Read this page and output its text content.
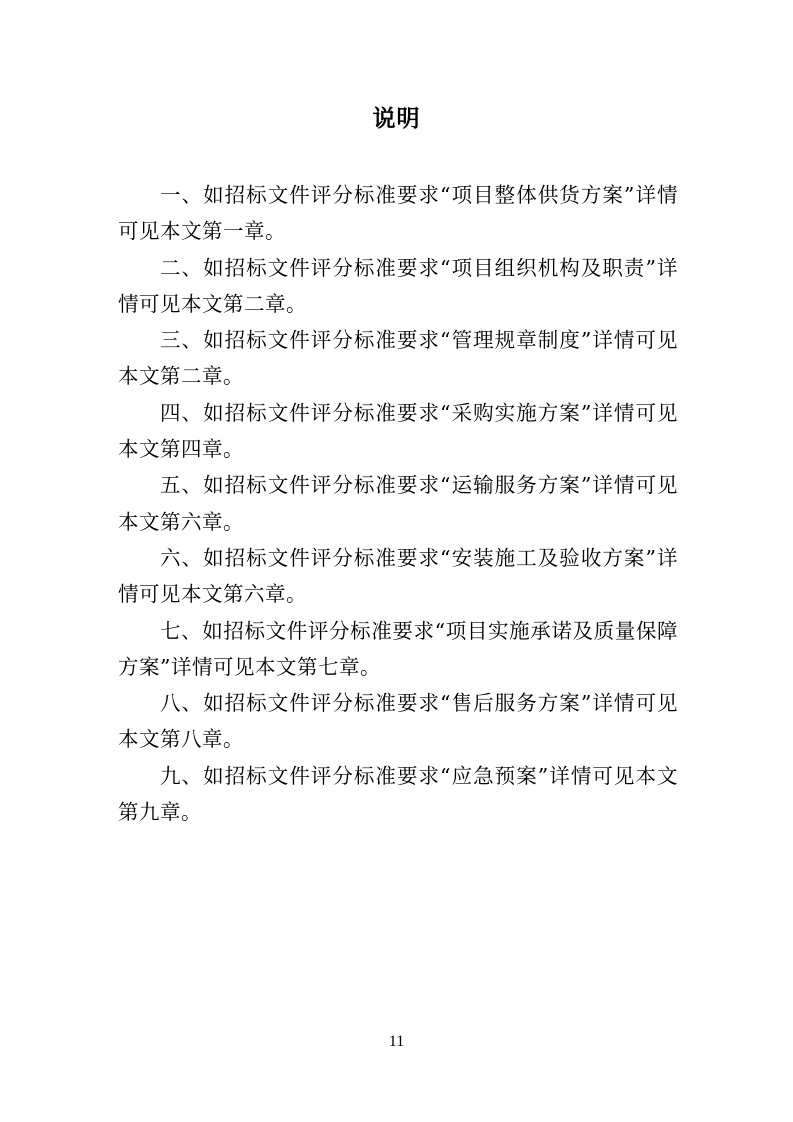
说明

一、如招标文件评分标准要求“项目整体供货方案”详情可见本文第一章。

二、如招标文件评分标准要求“项目组织机构及职责”详情可见本文第二章。

三、如招标文件评分标准要求“管理规章制度”详情可见本文第二章。

四、如招标文件评分标准要求“采购实施方案”详情可见本文第四章。

五、如招标文件评分标准要求“运输服务方案”详情可见本文第六章。

六、如招标文件评分标准要求“安装施工及验收方案”详情可见本文第六章。

七、如招标文件评分标准要求“项目实施承诺及质量保障方案”详情可见本文第七章。

八、如招标文件评分标准要求“售后服务方案”详情可见本文第八章。

九、如招标文件评分标准要求“应急预案”详情可见本文第九章。

11
